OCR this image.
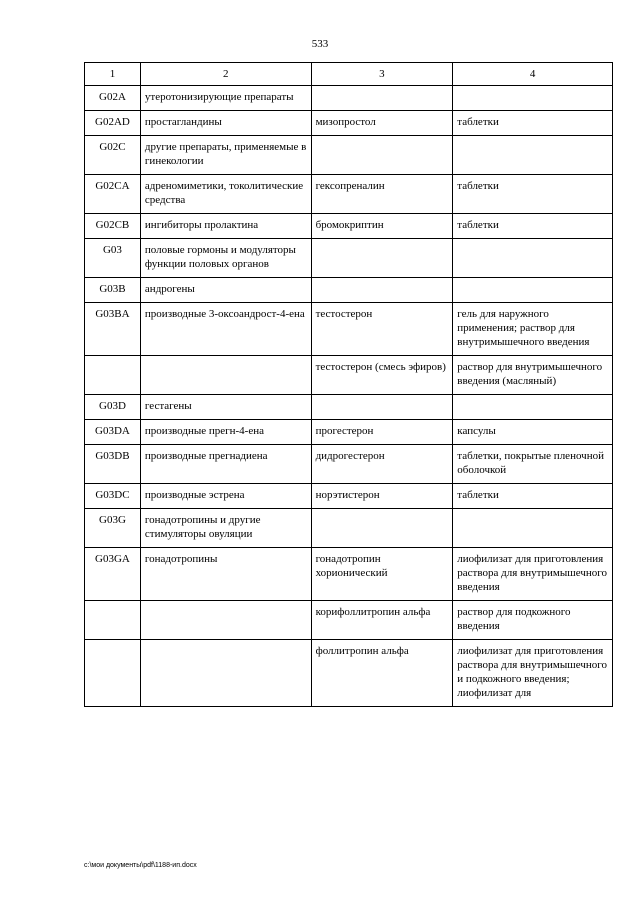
533
1	2	3	4
G02A	утеротонизирующие препараты		
G02AD	простагландины	мизопростол	таблетки
G02C	другие препараты, применяемые в гинекологии		
G02CA	адреномиметики, токолитические средства	гексопреналин	таблетки
G02CB	ингибиторы пролактина	бромокриптин	таблетки
G03	половые гормоны и модуляторы функции половых органов		
G03B	андрогены		
G03BA	производные 3-оксоандрост-4-ена	тестостерон	гель для наружного применения; раствор для внутримышечного введения
		тестостерон (смесь эфиров)	раствор для внутримышечного введения (масляный)
G03D	гестагены		
G03DA	производные прегн-4-ена	прогестерон	капсулы
G03DB	производные прегнадиена	дидрогестерон	таблетки, покрытые пленочной оболочкой
G03DC	производные эстрена	норэтистерон	таблетки
G03G	гонадотропины и другие стимуляторы овуляции		
G03GA	гонадотропины	гонадотропин хорионический	лиофилизат для приготовления раствора для внутримышечного введения
		корифоллитропин альфа	раствор для подкожного введения
		фоллитропин альфа	лиофилизат для приготовления раствора для внутримышечного и подкожного введения; лиофилизат для
c:\мои документы\pdf\1188-ип.docx
